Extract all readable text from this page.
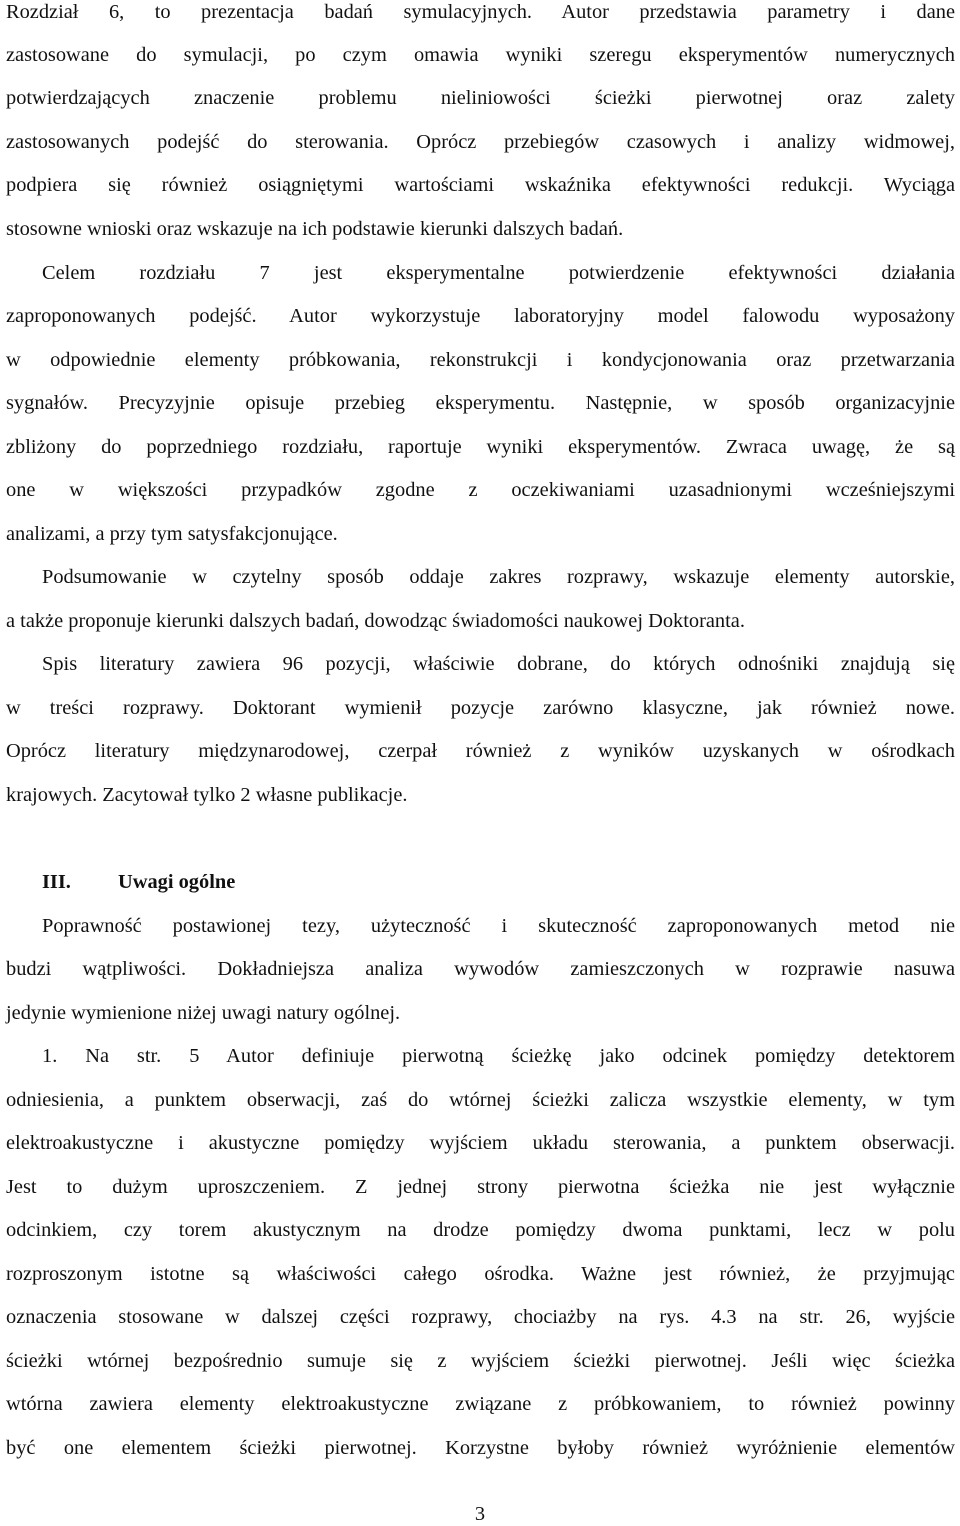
Rozdział 6, to prezentacja badań symulacyjnych. Autor przedstawia parametry i dane
zastosowane do symulacji, po czym omawia wyniki szeregu eksperymentów numerycznych
potwierdzających znaczenie problemu nieliniowości ścieżki pierwotnej oraz zalety
zastosowanych podejść do sterowania. Oprócz przebiegów czasowych i analizy widmowej,
podpiera się również osiągniętymi wartościami wskaźnika efektywności redukcji. Wyciąga
stosowne wnioski oraz wskazuje na ich podstawie kierunki dalszych badań.
Celem rozdziału 7 jest eksperymentalne potwierdzenie efektywności działania
zaproponowanych podejść. Autor wykorzystuje laboratoryjny model falowodu wyposażony
w odpowiednie elementy próbkowania, rekonstrukcji i kondycjonowania oraz przetwarzania
sygnałów. Precyzyjnie opisuje przebieg eksperymentu. Następnie, w sposób organizacyjnie
zbliżony do poprzedniego rozdziału, raportuje wyniki eksperymentów. Zwraca uwagę, że są
one w większości przypadków zgodne z oczekiwaniami uzasadnionymi wcześniejszymi
analizami, a przy tym satysfakcjonujące.
Podsumowanie w czytelny sposób oddaje zakres rozprawy, wskazuje elementy autorskie,
a także proponuje kierunki dalszych badań, dowodząc świadomości naukowej Doktoranta.
Spis literatury zawiera 96 pozycji, właściwie dobrane, do których odnośniki znajdują się
w treści rozprawy. Doktorant wymienił pozycje zarówno klasyczne, jak również nowe.
Oprócz literatury międzynarodowej, czerpał również z wyników uzyskanych w ośrodkach
krajowych. Zacytował tylko 2 własne publikacje.
III. Uwagi ogólne
Poprawność postawionej tezy, użyteczność i skuteczność zaproponowanych metod nie
budzi wątpliwości. Dokładniejsza analiza wywodów zamieszczonych w rozprawie nasuwa
jedynie wymienione niżej uwagi natury ogólnej.
1. Na str. 5 Autor definiuje pierwotną ścieżkę jako odcinek pomiędzy detektorem
odniesienia, a punktem obserwacji, zaś do wtórnej ścieżki zalicza wszystkie elementy, w tym
elektroakustyczne i akustyczne pomiędzy wyjściem układu sterowania, a punktem obserwacji.
Jest to dużym uproszczeniem. Z jednej strony pierwotna ścieżka nie jest wyłącznie
odcinkiem, czy torem akustycznym na drodze pomiędzy dwoma punktami, lecz w polu
rozproszonym istotne są właściwości całego ośrodka. Ważne jest również, że przyjmując
oznaczenia stosowane w dalszej części rozprawy, chociażby na rys. 4.3 na str. 26, wyjście
ścieżki wtórnej bezpośrednio sumuje się z wyjściem ścieżki pierwotnej. Jeśli więc ścieżka
wtórna zawiera elementy elektroakustyczne związane z próbkowaniem, to również powinny
być one elementem ścieżki pierwotnej. Korzystne byłoby również wyróżnienie elementów
3
